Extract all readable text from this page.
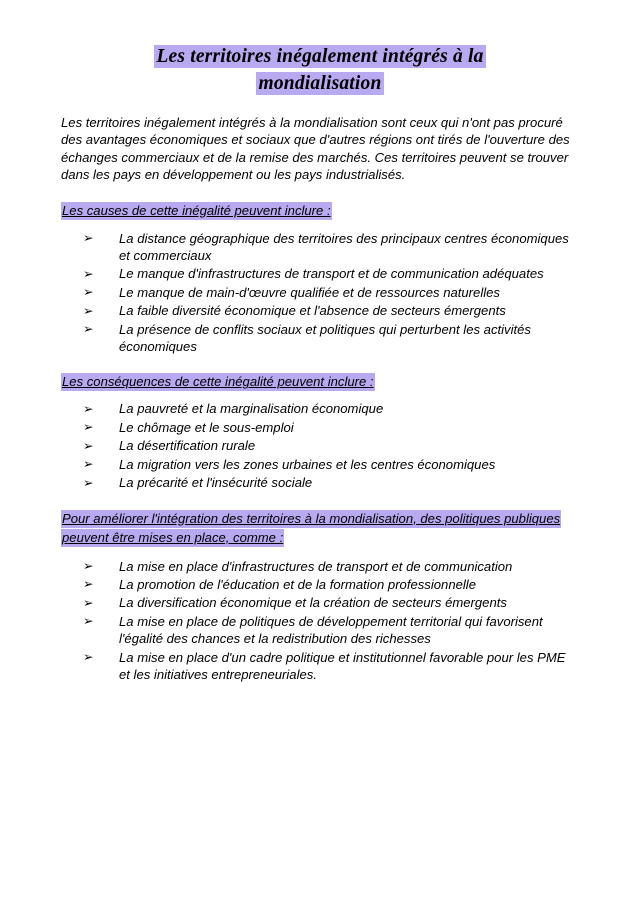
Les territoires inégalement intégrés à la
mondialisation

Les territoires inégalement intégrés à la mondialisation sont ceux qui n'ont pas procuré des avantages économiques et sociaux que d'autres régions ont tirés de l'ouverture des échanges commerciaux et de la remise des marchés. Ces territoires peuvent se trouver dans les pays en développement ou les pays industrialisés.

Les causes de cette inégalité peuvent inclure :

➢ La distance géographique des territoires des principaux centres économiques et commerciaux
➢ Le manque d'infrastructures de transport et de communication adéquates
➢ Le manque de main-d'œuvre qualifiée et de ressources naturelles
➢ La faible diversité économique et l'absence de secteurs émergents
➢ La présence de conflits sociaux et politiques qui perturbent les activités économiques

Les conséquences de cette inégalité peuvent inclure :

➢ La pauvreté et la marginalisation économique
➢ Le chômage et le sous-emploi
➢ La désertification rurale
➢ La migration vers les zones urbaines et les centres économiques
➢ La précarité et l'insécurité sociale

Pour améliorer l'intégration des territoires à la mondialisation, des politiques publiques
peuvent être mises en place, comme :

➢ La mise en place d'infrastructures de transport et de communication
➢ La promotion de l'éducation et de la formation professionnelle
➢ La diversification économique et la création de secteurs émergents
➢ La mise en place de politiques de développement territorial qui favorisent l'égalité des chances et la redistribution des richesses
➢ La mise en place d'un cadre politique et institutionnel favorable pour les PME et les initiatives entrepreneuriales.
